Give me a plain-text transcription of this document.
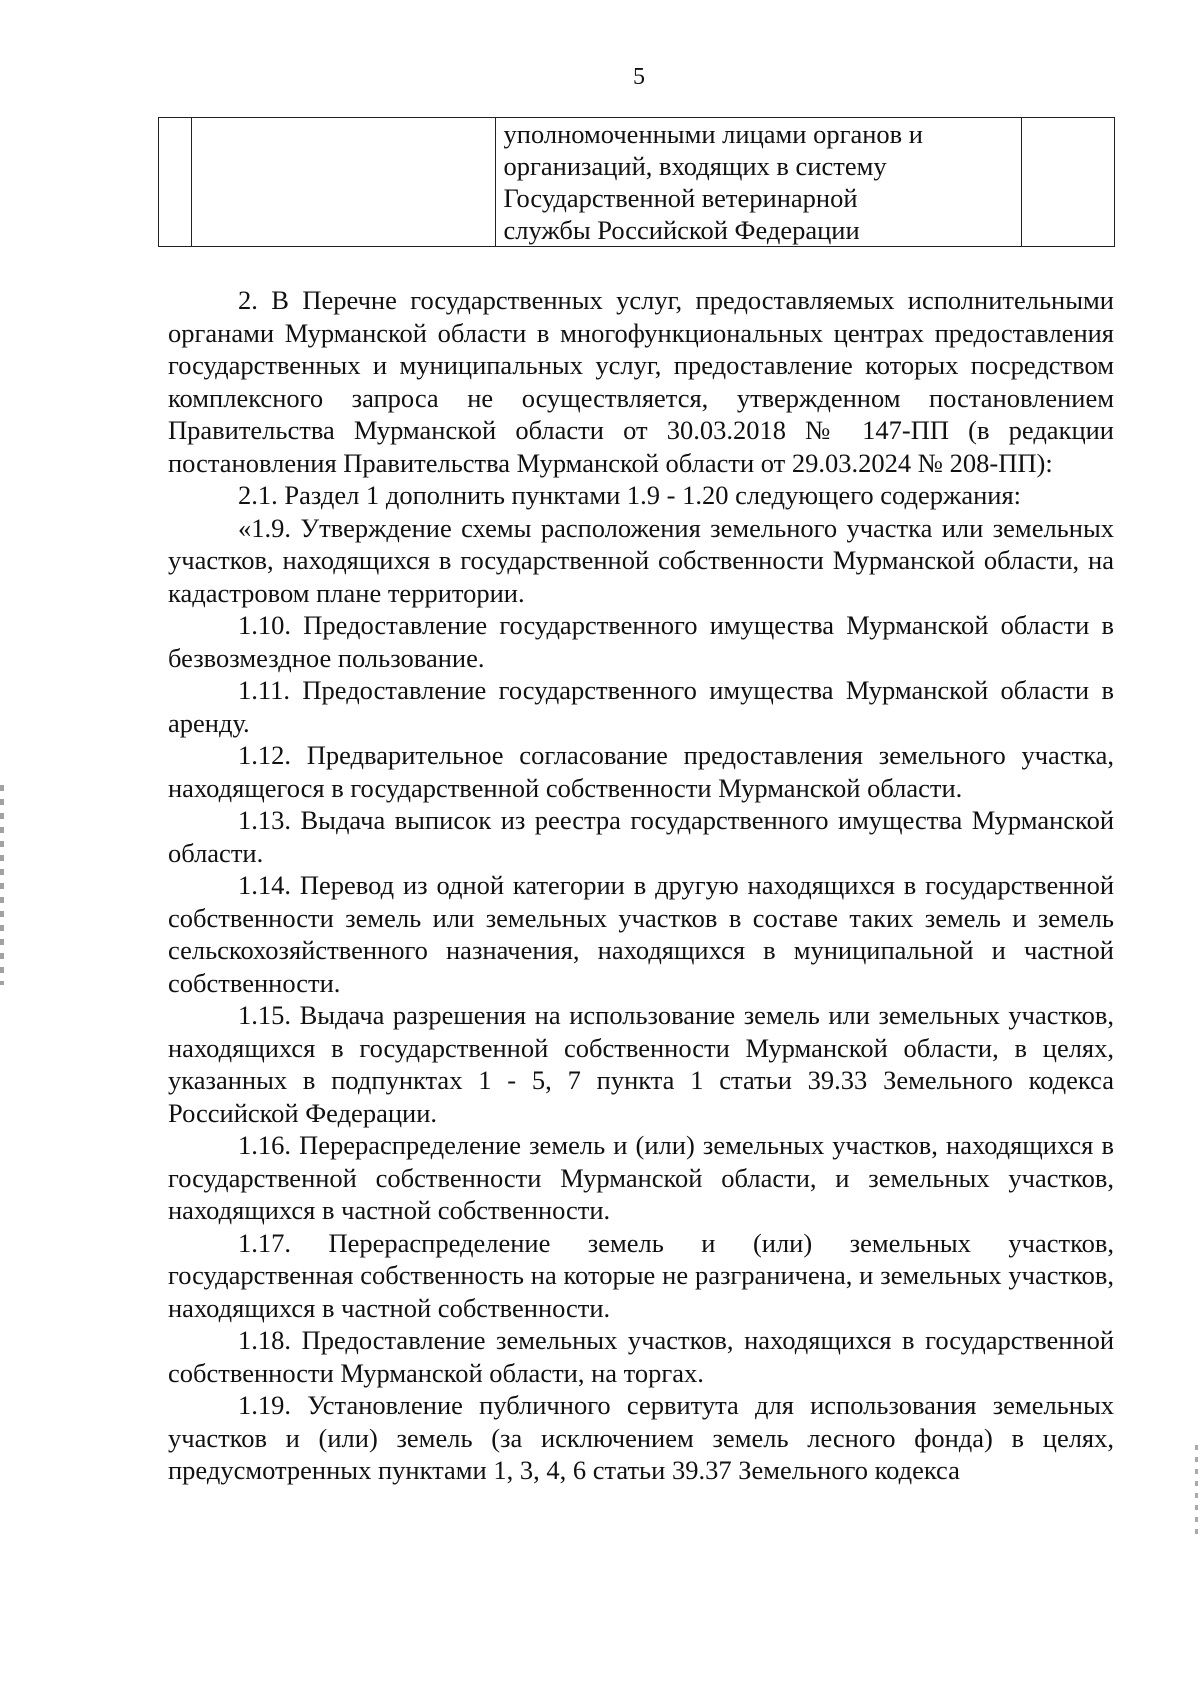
5

уполномоченными лицами органов и
организаций, входящих в систему
Государственной ветеринарной
службы Российской Федерации

2. В Перечне государственных услуг, предоставляемых исполнительными органами Мурманской области в многофункциональных центрах предоставления государственных и муниципальных услуг, предоставление которых посредством комплексного запроса не осуществляется, утвержденном постановлением Правительства Мурманской области от 30.03.2018 № 147-ПП (в редакции постановления Правительства Мурманской области от 29.03.2024 № 208-ПП):

2.1. Раздел 1 дополнить пунктами 1.9 - 1.20 следующего содержания:

«1.9. Утверждение схемы расположения земельного участка или земельных участков, находящихся в государственной собственности Мурманской области, на кадастровом плане территории.

1.10. Предоставление государственного имущества Мурманской области в безвозмездное пользование.

1.11. Предоставление государственного имущества Мурманской области в аренду.

1.12. Предварительное согласование предоставления земельного участка, находящегося в государственной собственности Мурманской области.

1.13. Выдача выписок из реестра государственного имущества Мурманской области.

1.14. Перевод из одной категории в другую находящихся в государственной собственности земель или земельных участков в составе таких земель и земель сельскохозяйственного назначения, находящихся в муниципальной и частной собственности.

1.15. Выдача разрешения на использование земель или земельных участков, находящихся в государственной собственности Мурманской области, в целях, указанных в подпунктах 1 - 5, 7 пункта 1 статьи 39.33 Земельного кодекса Российской Федерации.

1.16. Перераспределение земель и (или) земельных участков, находящихся в государственной собственности Мурманской области, и земельных участков, находящихся в частной собственности.

1.17. Перераспределение земель и (или) земельных участков, государственная собственность на которые не разграничена, и земельных участков, находящихся в частной собственности.

1.18. Предоставление земельных участков, находящихся в государственной собственности Мурманской области, на торгах.

1.19. Установление публичного сервитута для использования земельных участков и (или) земель (за исключением земель лесного фонда) в целях, предусмотренных пунктами 1, 3, 4, 6 статьи 39.37 Земельного кодекса
